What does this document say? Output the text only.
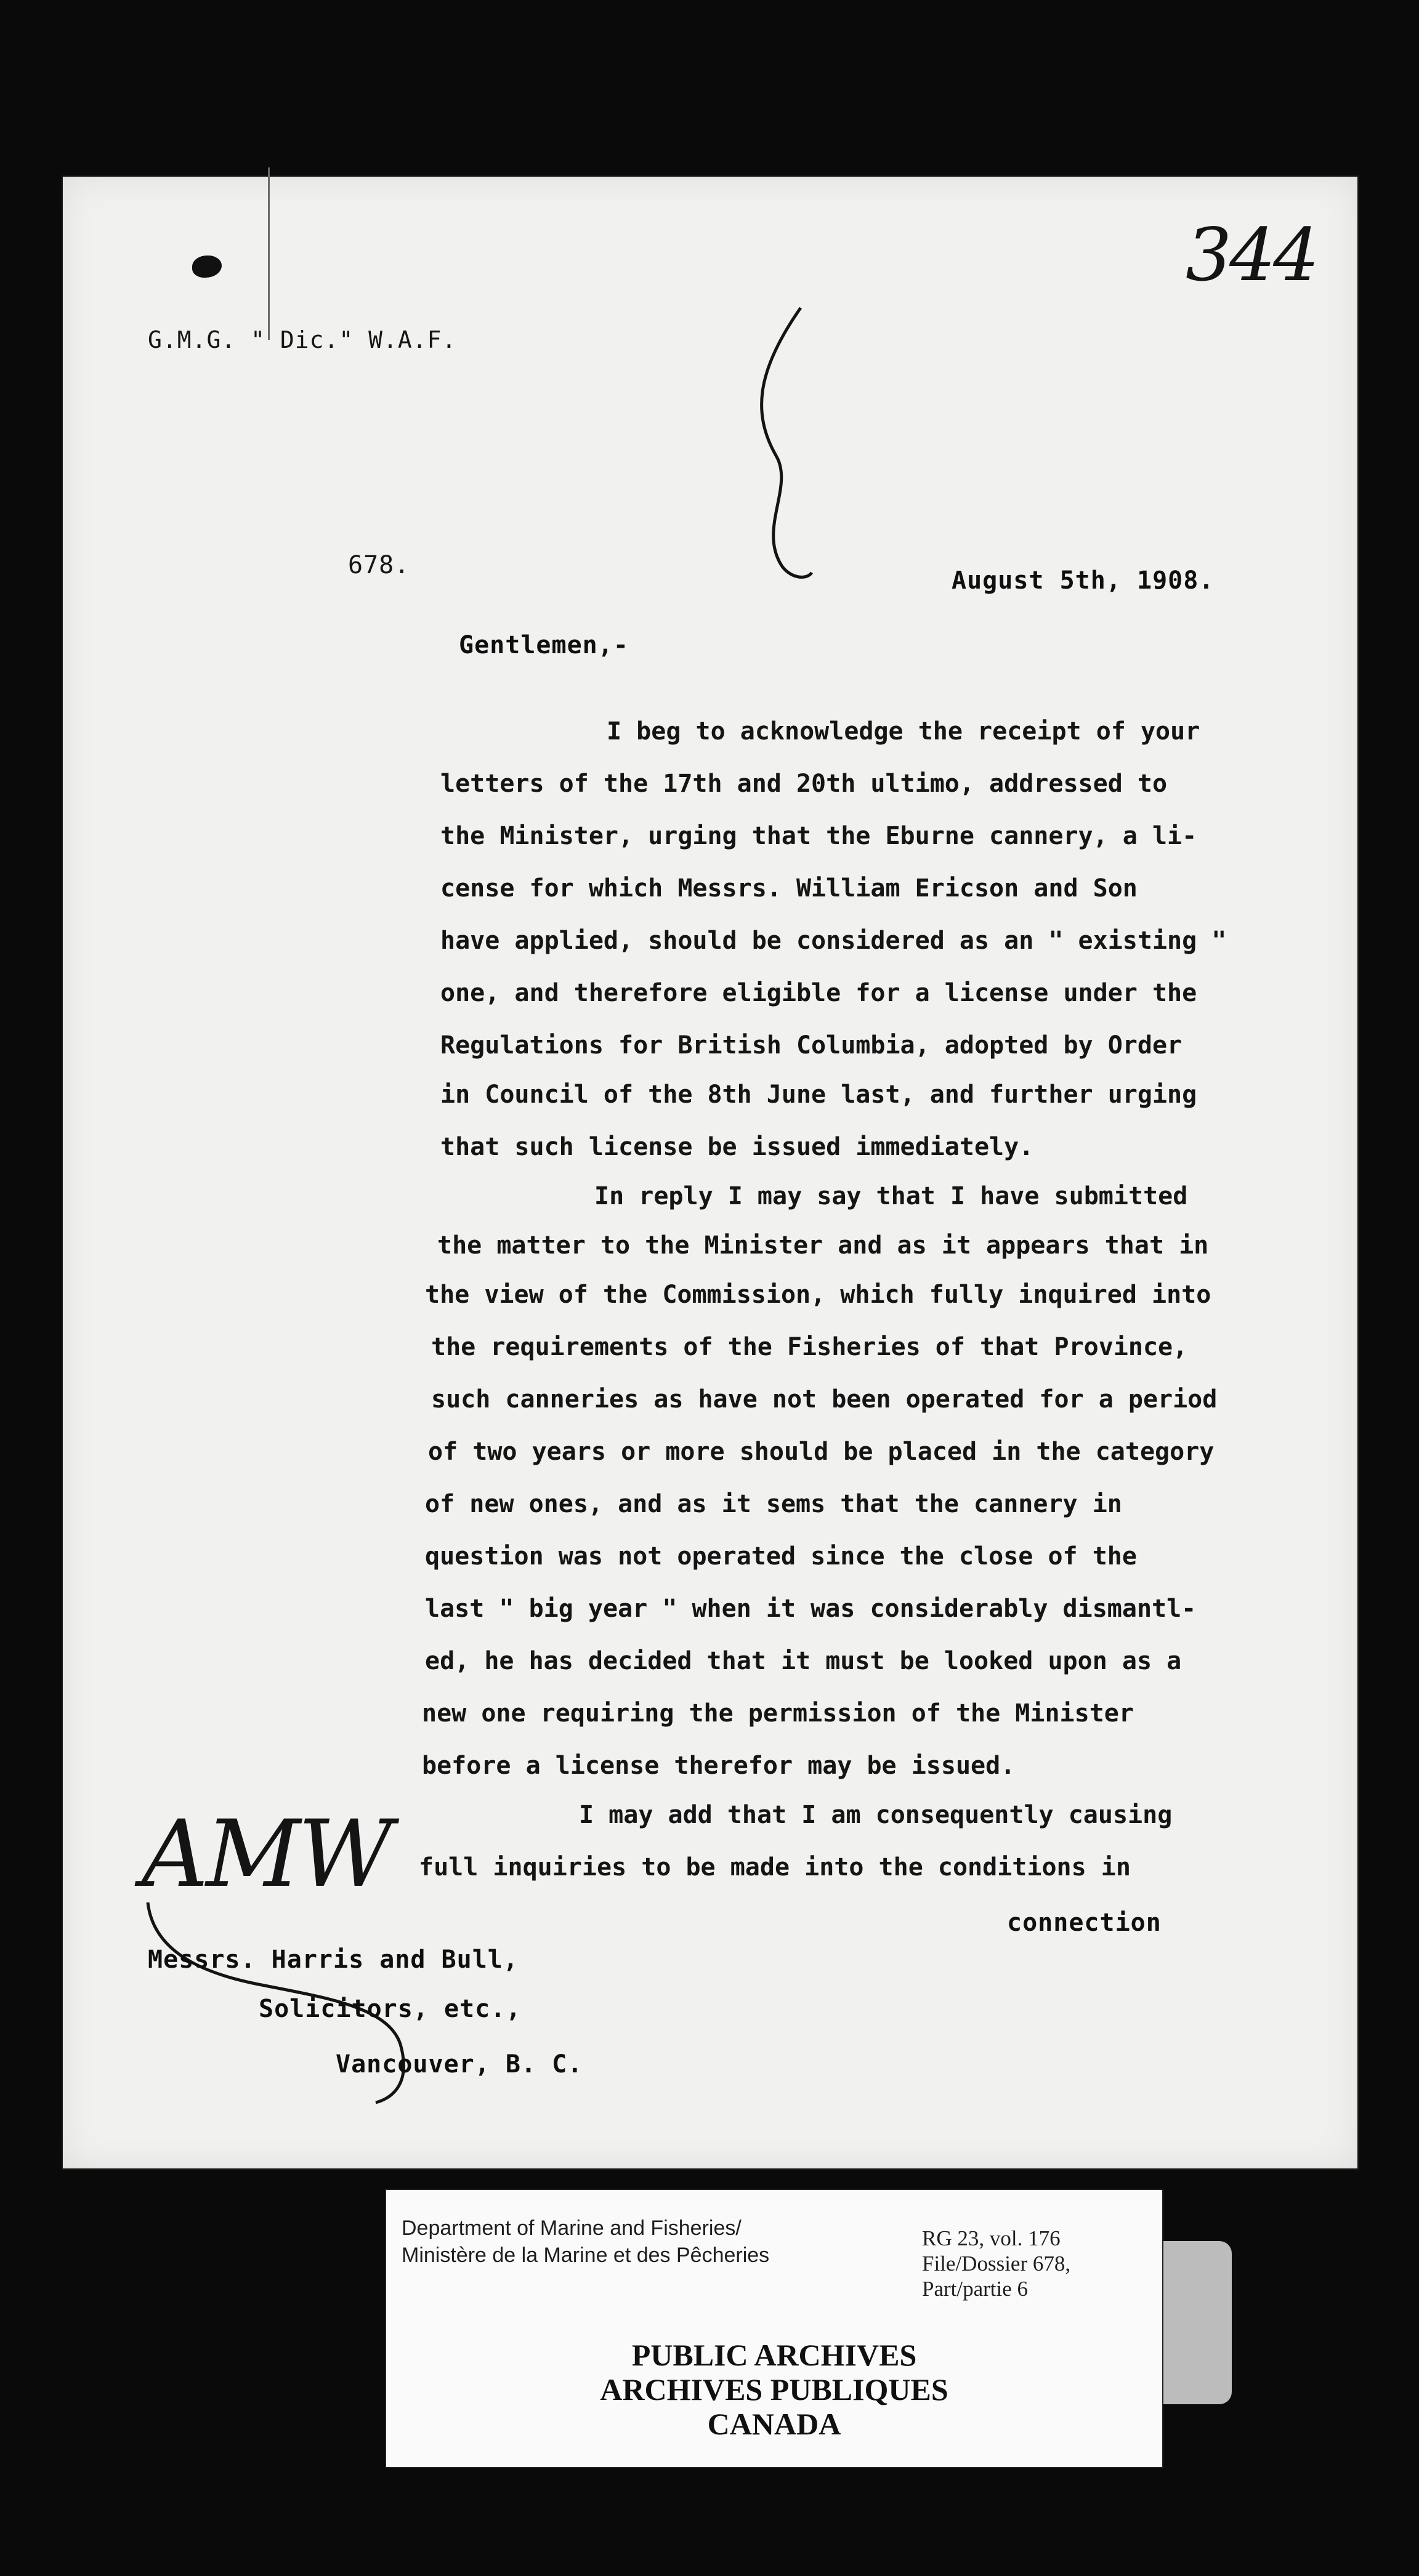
G.M.G. " Dic." W.A.F.
344
678.
August 5th, 1908.
Gentlemen,-
I beg to acknowledge the receipt of your
letters of the 17th and 20th ultimo, addressed to
the Minister, urging that the Eburne cannery, a li-
cense for which Messrs. William Ericson and Son
have applied, should be considered as an " existing "
one, and therefore eligible for a license under the
Regulations for British Columbia, adopted by Order
in Council of the 8th June last, and further urging
that such license be issued immediately.
In reply I may say that I have submitted
the matter to the Minister and as it appears that in
the view of the Commission, which fully inquired into
the requirements of the Fisheries of that Province,
such canneries as have not been operated for a period
of two years or more should be placed in the category
of new ones, and as it sems that the cannery in
question was not operated since the close of the
last " big year " when it was considerably dismantl-
ed, he has decided that it must be looked upon as a
new one requiring the permission of the Minister
before a license therefor may be issued.
I may add that I am consequently causing
full inquiries to be made into the conditions in
connection
AMW
Messrs. Harris and Bull,
Solicitors, etc.,
Vancouver, B. C.
Department of Marine and Fisheries/
Ministère de la Marine et des Pêcheries
RG 23, vol. 176
File/Dossier 678,
Part/partie 6
PUBLIC ARCHIVES
ARCHIVES PUBLIQUES
CANADA
